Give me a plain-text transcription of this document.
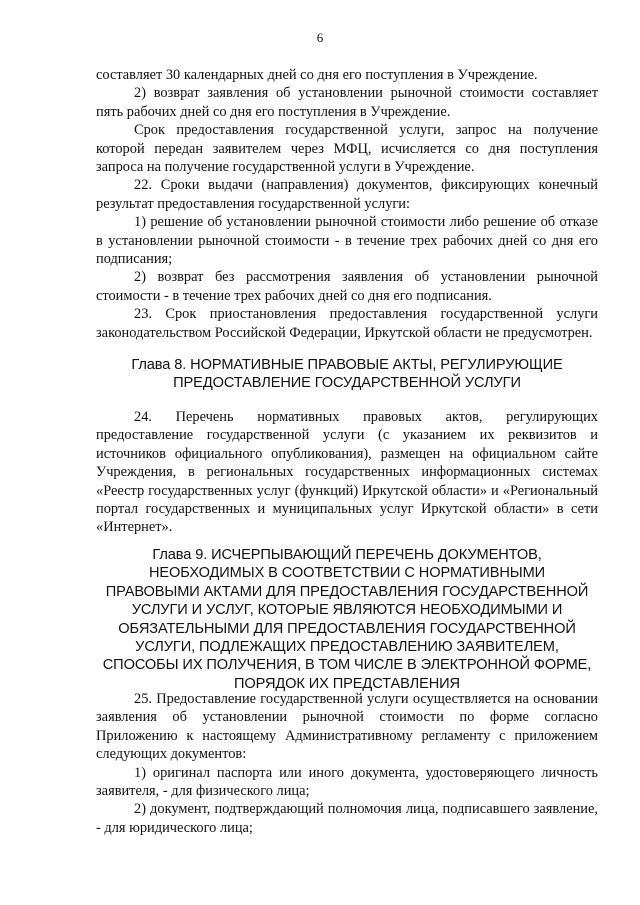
6

составляет 30 календарных дней со дня его поступления в Учреждение.

2) возврат заявления об установлении рыночной стоимости составляет пять рабочих дней со дня его поступления в Учреждение.

Срок предоставления государственной услуги, запрос на получение которой передан заявителем через МФЦ, исчисляется со дня поступления запроса на получение государственной услуги в Учреждение.

22. Сроки выдачи (направления) документов, фиксирующих конечный результат предоставления государственной услуги:

1) решение об установлении рыночной стоимости либо решение об отказе в установлении рыночной стоимости - в течение трех рабочих дней со дня его подписания;

2) возврат без рассмотрения заявления об установлении рыночной стоимости - в течение трех рабочих дней со дня его подписания.

23. Срок приостановления предоставления государственной услуги законодательством Российской Федерации, Иркутской области не предусмотрен.

Глава 8. НОРМАТИВНЫЕ ПРАВОВЫЕ АКТЫ, РЕГУЛИРУЮЩИЕ
ПРЕДОСТАВЛЕНИЕ ГОСУДАРСТВЕННОЙ УСЛУГИ

24. Перечень нормативных правовых актов, регулирующих предоставление государственной услуги (с указанием их реквизитов и источников официального опубликования), размещен на официальном сайте Учреждения, в региональных государственных информационных системах «Реестр государственных услуг (функций) Иркутской области» и «Региональный портал государственных и муниципальных услуг Иркутской области» в сети «Интернет».

Глава 9. ИСЧЕРПЫВАЮЩИЙ ПЕРЕЧЕНЬ ДОКУМЕНТОВ,
НЕОБХОДИМЫХ В СООТВЕТСТВИИ С НОРМАТИВНЫМИ
ПРАВОВЫМИ АКТАМИ ДЛЯ ПРЕДОСТАВЛЕНИЯ ГОСУДАРСТВЕННОЙ
УСЛУГИ И УСЛУГ, КОТОРЫЕ ЯВЛЯЮТСЯ НЕОБХОДИМЫМИ И
ОБЯЗАТЕЛЬНЫМИ ДЛЯ ПРЕДОСТАВЛЕНИЯ ГОСУДАРСТВЕННОЙ
УСЛУГИ, ПОДЛЕЖАЩИХ ПРЕДОСТАВЛЕНИЮ ЗАЯВИТЕЛЕМ,
СПОСОБЫ ИХ ПОЛУЧЕНИЯ, В ТОМ ЧИСЛЕ В ЭЛЕКТРОННОЙ ФОРМЕ,
ПОРЯДОК ИХ ПРЕДСТАВЛЕНИЯ

25. Предоставление государственной услуги осуществляется на основании заявления об установлении рыночной стоимости по форме согласно Приложению к настоящему Административному регламенту с приложением следующих документов:

1) оригинал паспорта или иного документа, удостоверяющего личность заявителя, - для физического лица;

2) документ, подтверждающий полномочия лица, подписавшего заявление, - для юридического лица;
